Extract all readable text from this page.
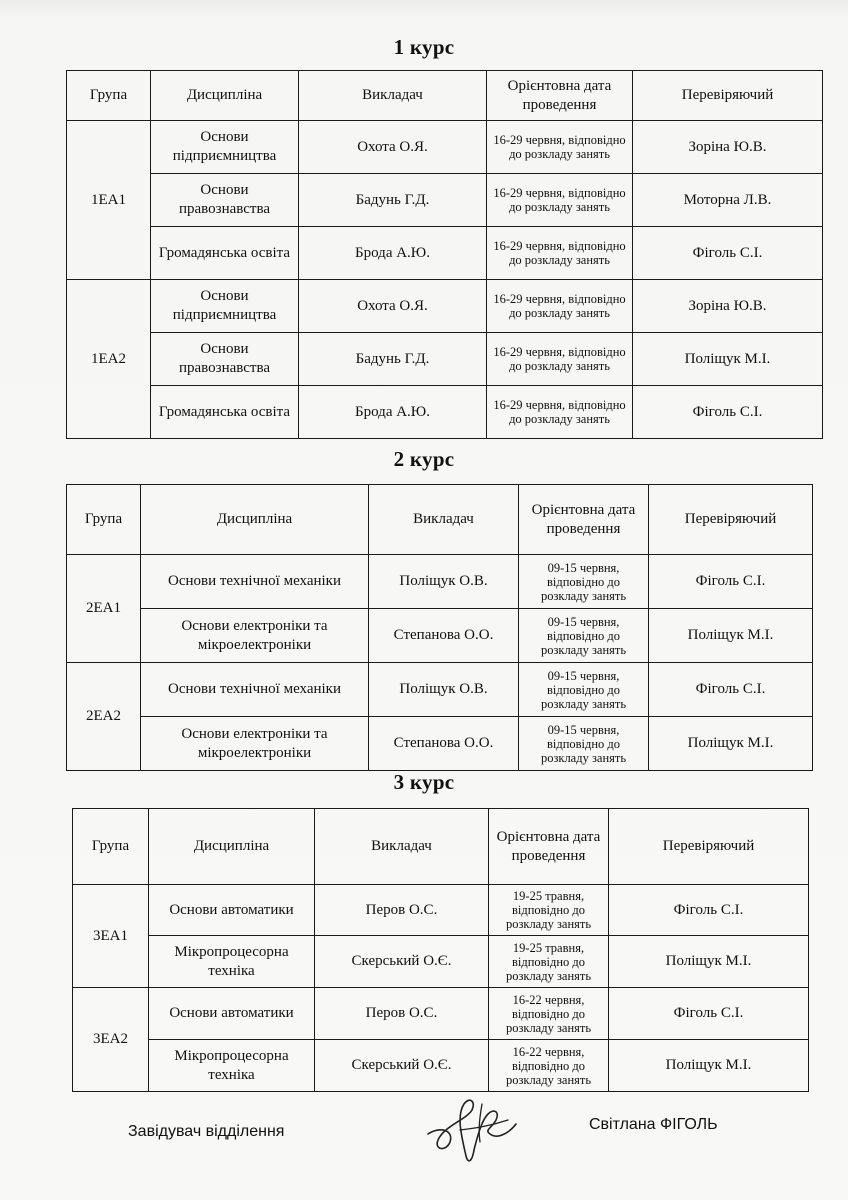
1 курс
Група	Дисципліна	Викладач	Орієнтовна дата проведення	Перевіряючий
1ЕА1	Основи підприємництва	Охота О.Я.	16-29 червня, відповідно до розкладу занять	Зоріна Ю.В.
	Основи правознавства	Бадунь Г.Д.	16-29 червня, відповідно до розкладу занять	Моторна Л.В.
	Громадянська освіта	Брода А.Ю.	16-29 червня, відповідно до розкладу занять	Фіголь С.І.
1ЕА2	Основи підприємництва	Охота О.Я.	16-29 червня, відповідно до розкладу занять	Зоріна Ю.В.
	Основи правознавства	Бадунь Г.Д.	16-29 червня, відповідно до розкладу занять	Поліщук М.І.
	Громадянська освіта	Брода А.Ю.	16-29 червня, відповідно до розкладу занять	Фіголь С.І.
2 курс
Група	Дисципліна	Викладач	Орієнтовна дата проведення	Перевіряючий
2ЕА1	Основи технічної механіки	Поліщук О.В.	09-15 червня, відповідно до розкладу занять	Фіголь С.І.
	Основи електроніки та мікроелектроніки	Степанова О.О.	09-15 червня, відповідно до розкладу занять	Поліщук М.І.
2ЕА2	Основи технічної механіки	Поліщук О.В.	09-15 червня, відповідно до розкладу занять	Фіголь С.І.
	Основи електроніки та мікроелектроніки	Степанова О.О.	09-15 червня, відповідно до розкладу занять	Поліщук М.І.
3 курс
Група	Дисципліна	Викладач	Орієнтовна дата проведення	Перевіряючий
3ЕА1	Основи автоматики	Перов О.С.	19-25 травня, відповідно до розкладу занять	Фіголь С.І.
	Мікропроцесорна техніка	Скерський О.Є.	19-25 травня, відповідно до розкладу занять	Поліщук М.І.
3ЕА2	Основи автоматики	Перов О.С.	16-22 червня, відповідно до розкладу занять	Фіголь С.І.
	Мікропроцесорна техніка	Скерський О.Є.	16-22 червня, відповідно до розкладу занять	Поліщук М.І.
Завідувач відділення	Світлана ФІГОЛЬ
